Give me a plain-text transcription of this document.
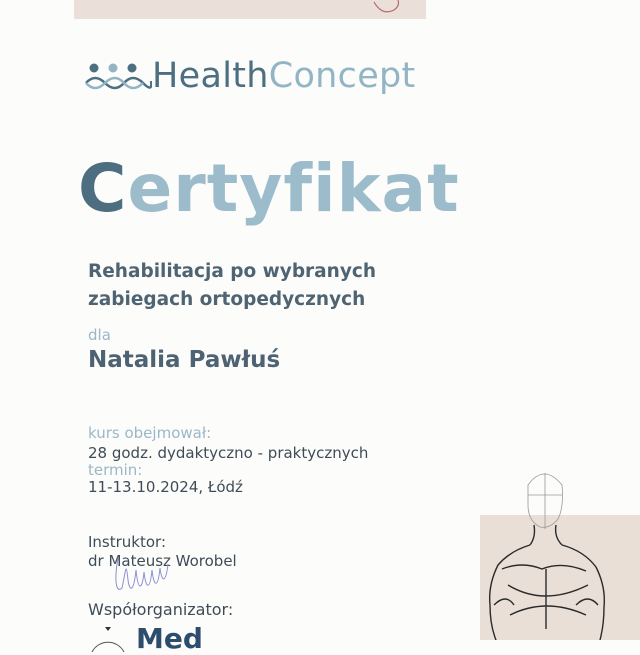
HealthConcept
Certyfikat
Rehabilitacja po wybranych
zabiegach ortopedycznych
dla
Natalia Pawłuś
kurs obejmował:
28 godz. dydaktyczno - praktycznych
termin:
11-13.10.2024, Łódź
Instruktor:
dr Mateusz Worobel
Współorganizator:
Med
